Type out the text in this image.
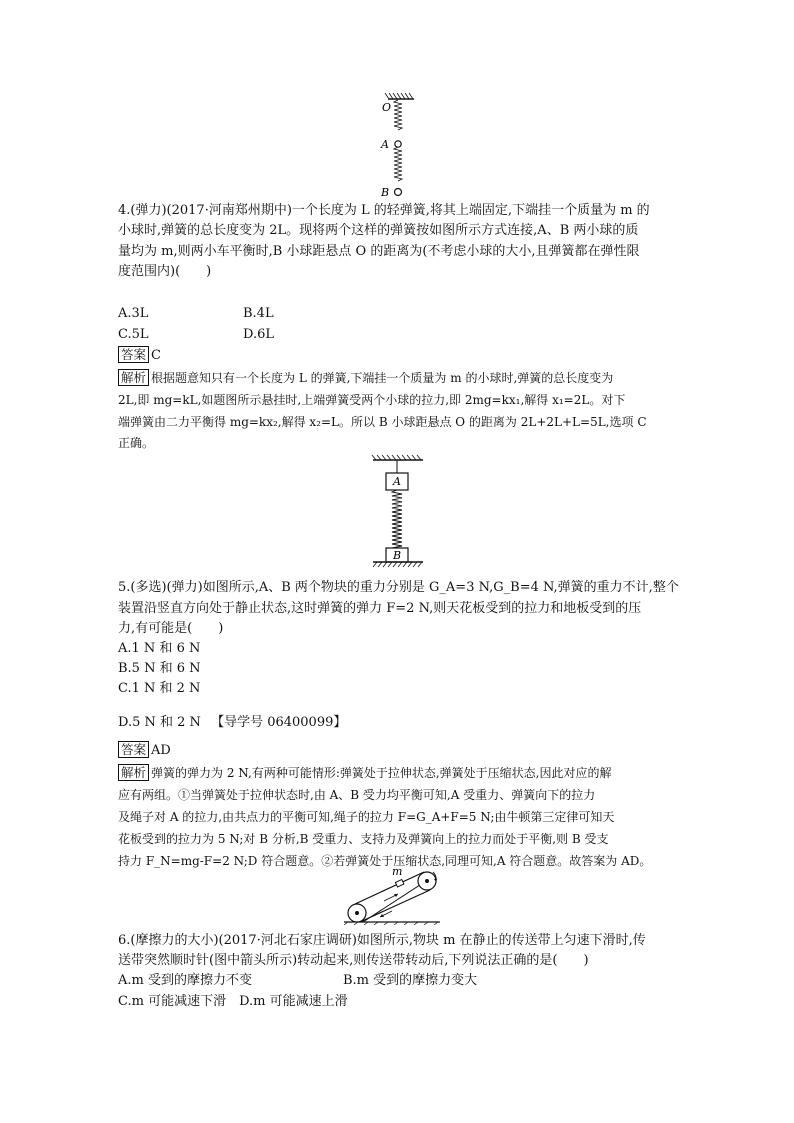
O
A
B
4.(弹力)(2017·河南郑州期中)一个长度为 L 的轻弹簧,将其上端固定,下端挂一个质量为 m 的
小球时,弹簧的总长度变为 2L。现将两个这样的弹簧按如图所示方式连接,A、B 两小球的质
量均为 m,则两小车平衡时,B 小球距悬点 O 的距离为(不考虑小球的大小,且弹簧都在弹性限
度范围内)(　　)
A.3L	B.4L
C.5L	D.6L
答案 C
解析 根据题意知只有一个长度为 L 的弹簧,下端挂一个质量为 m 的小球时,弹簧的总长度变为
2L,即 mg=kL,如题图所示悬挂时,上端弹簧受两个小球的拉力,即 2mg=kx₁,解得 x₁=2L。对下
端弹簧由二力平衡得 mg=kx₂,解得 x₂=L。所以 B 小球距悬点 O 的距离为 2L+2L+L=5L,选项 C
正确。
A
B
5.(多选)(弹力)如图所示,A、B 两个物块的重力分别是 G_A=3 N,G_B=4 N,弹簧的重力不计,整个
装置沿竖直方向处于静止状态,这时弹簧的弹力 F=2 N,则天花板受到的拉力和地板受到的压
力,有可能是(　　)
A.1 N 和 6 N
B.5 N 和 6 N
C.1 N 和 2 N
D.5 N 和 2 N 【导学号 06400099】
答案 AD
解析 弹簧的弹力为 2 N,有两种可能情形:弹簧处于拉伸状态,弹簧处于压缩状态,因此对应的解
应有两组。①当弹簧处于拉伸状态时,由 A、B 受力均平衡可知,A 受重力、弹簧向下的拉力
及绳子对 A 的拉力,由共点力的平衡可知,绳子的拉力 F=G_A+F=5 N;由牛顿第三定律可知天
花板受到的拉力为 5 N;对 B 分析,B 受重力、支持力及弹簧向上的拉力而处于平衡,则 B 受支
持力 F_N=mg-F=2 N;D 符合题意。②若弹簧处于压缩状态,同理可知,A 符合题意。故答案为 AD。
m
6.(摩擦力的大小)(2017·河北石家庄调研)如图所示,物块 m 在静止的传送带上匀速下滑时,传
送带突然顺时针(图中箭头所示)转动起来,则传送带转动后,下列说法正确的是(　　)
A.m 受到的摩擦力不变	B.m 受到的摩擦力变大
C.m 可能减速下滑　D.m 可能减速上滑
